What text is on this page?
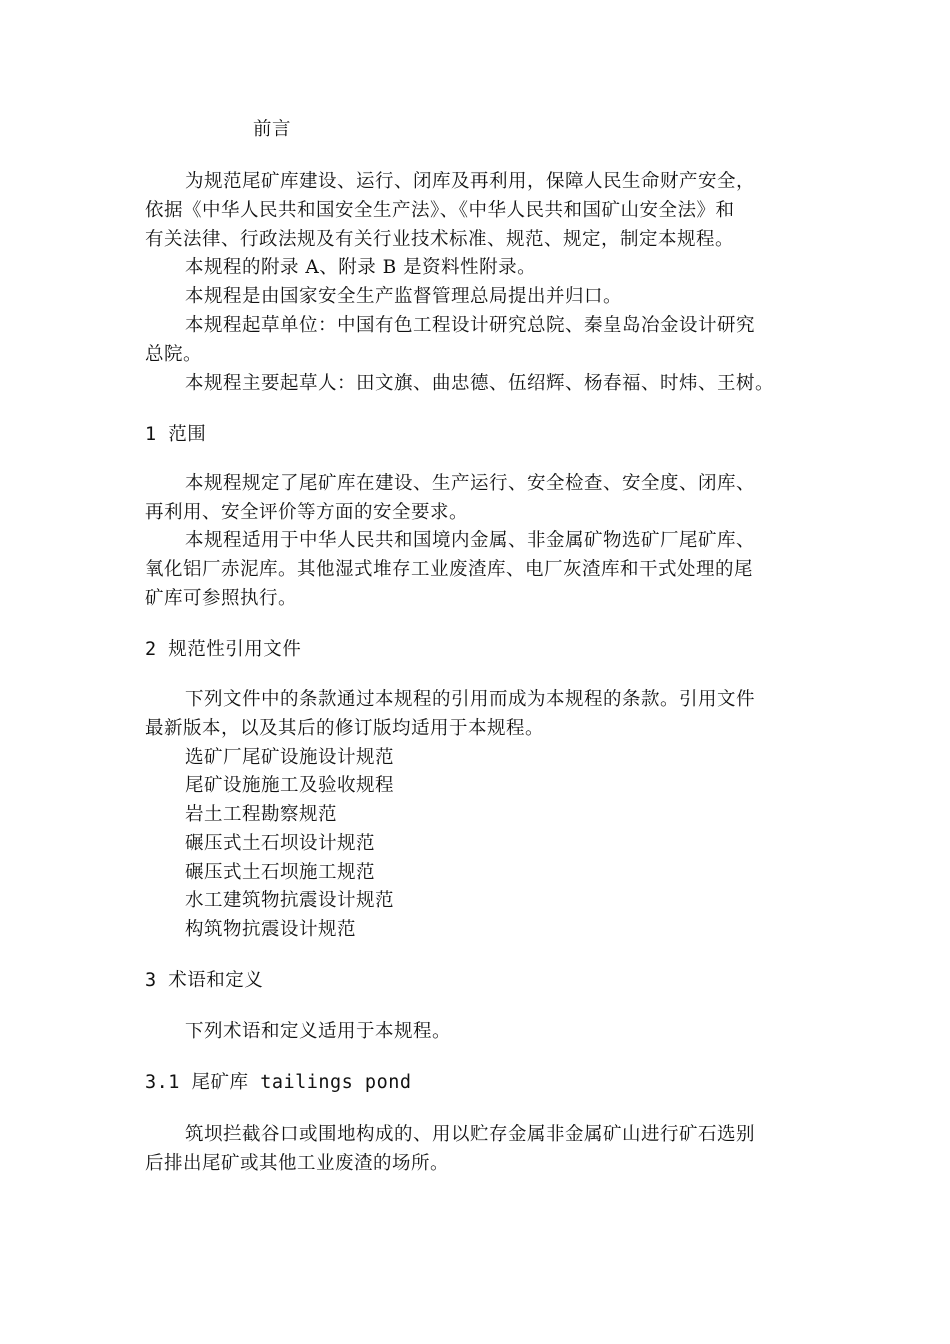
前言
为规范尾矿库建设、运行、闭库及再利用，保障人民生命财产安全，
依据《中华人民共和国安全生产法》、《中华人民共和国矿山安全法》和
有关法律、行政法规及有关行业技术标准、规范、规定，制定本规程。
本规程的附录 A、附录 B 是资料性附录。
本规程是由国家安全生产监督管理总局提出并归口。
本规程起草单位：中国有色工程设计研究总院、秦皇岛冶金设计研究
总院。
本规程主要起草人：田文旗、曲忠德、伍绍辉、杨春福、时炜、王树。
1 范围
本规程规定了尾矿库在建设、生产运行、安全检查、安全度、闭库、
再利用、安全评价等方面的安全要求。
本规程适用于中华人民共和国境内金属、非金属矿物选矿厂尾矿库、
氧化铝厂赤泥库。其他湿式堆存工业废渣库、电厂灰渣库和干式处理的尾
矿库可参照执行。
2 规范性引用文件
下列文件中的条款通过本规程的引用而成为本规程的条款。引用文件
最新版本，以及其后的修订版均适用于本规程。
选矿厂尾矿设施设计规范
尾矿设施施工及验收规程
岩土工程勘察规范
碾压式土石坝设计规范
碾压式土石坝施工规范
水工建筑物抗震设计规范
构筑物抗震设计规范
3 术语和定义
下列术语和定义适用于本规程。
3.1 尾矿库 tailings pond
筑坝拦截谷口或围地构成的、用以贮存金属非金属矿山进行矿石选别
后排出尾矿或其他工业废渣的场所。
